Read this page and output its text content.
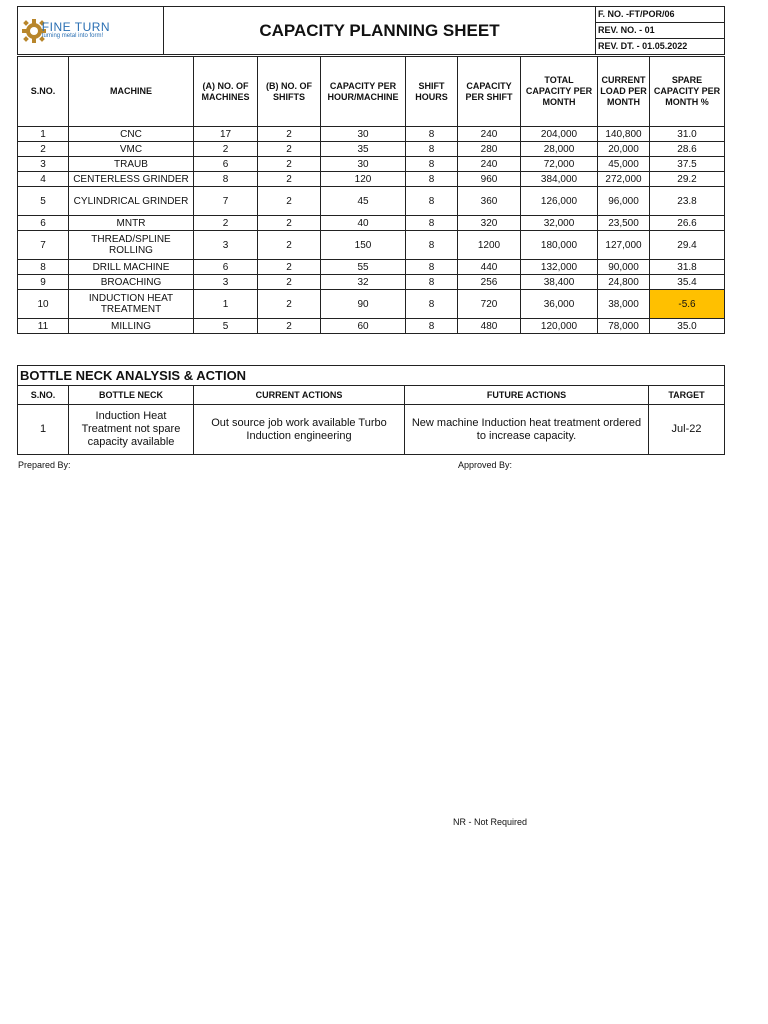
FINE TURN
turning metal into form!	CAPACITY PLANNING SHEET	F. NO. -FT/POR/06
REV. NO. - 01
REV. DT. - 01.05.2022
S.NO.	MACHINE	(A) NO. OF MACHINES	(B) NO. OF SHIFTS	CAPACITY PER HOUR/MACHINE	SHIFT HOURS	CAPACITY PER SHIFT	TOTAL CAPACITY PER MONTH	CURRENT LOAD PER MONTH	SPARE CAPACITY PER MONTH %
1	CNC	17	2	30	8	240	204,000	140,800	31.0
2	VMC	2	2	35	8	280	28,000	20,000	28.6
3	TRAUB	6	2	30	8	240	72,000	45,000	37.5
4	CENTERLESS GRINDER	8	2	120	8	960	384,000	272,000	29.2
5	CYLINDRICAL GRINDER	7	2	45	8	360	126,000	96,000	23.8
6	MNTR	2	2	40	8	320	32,000	23,500	26.6
7	THREAD/SPLINE ROLLING	3	2	150	8	1200	180,000	127,000	29.4
8	DRILL MACHINE	6	2	55	8	440	132,000	90,000	31.8
9	BROACHING	3	2	32	8	256	38,400	24,800	35.4
10	INDUCTION HEAT TREATMENT	1	2	90	8	720	36,000	38,000	-5.6
11	MILLING	5	2	60	8	480	120,000	78,000	35.0
BOTTLE NECK ANALYSIS & ACTION				
S.NO.	BOTTLE NECK	CURRENT ACTIONS	FUTURE ACTIONS	TARGET
1	Induction Heat Treatment not spare capacity available	Out source job work available Turbo Induction engineering	New machine Induction heat treatment ordered to increase capacity.	Jul-22
Prepared By:	Approved By:
NR - Not Required
